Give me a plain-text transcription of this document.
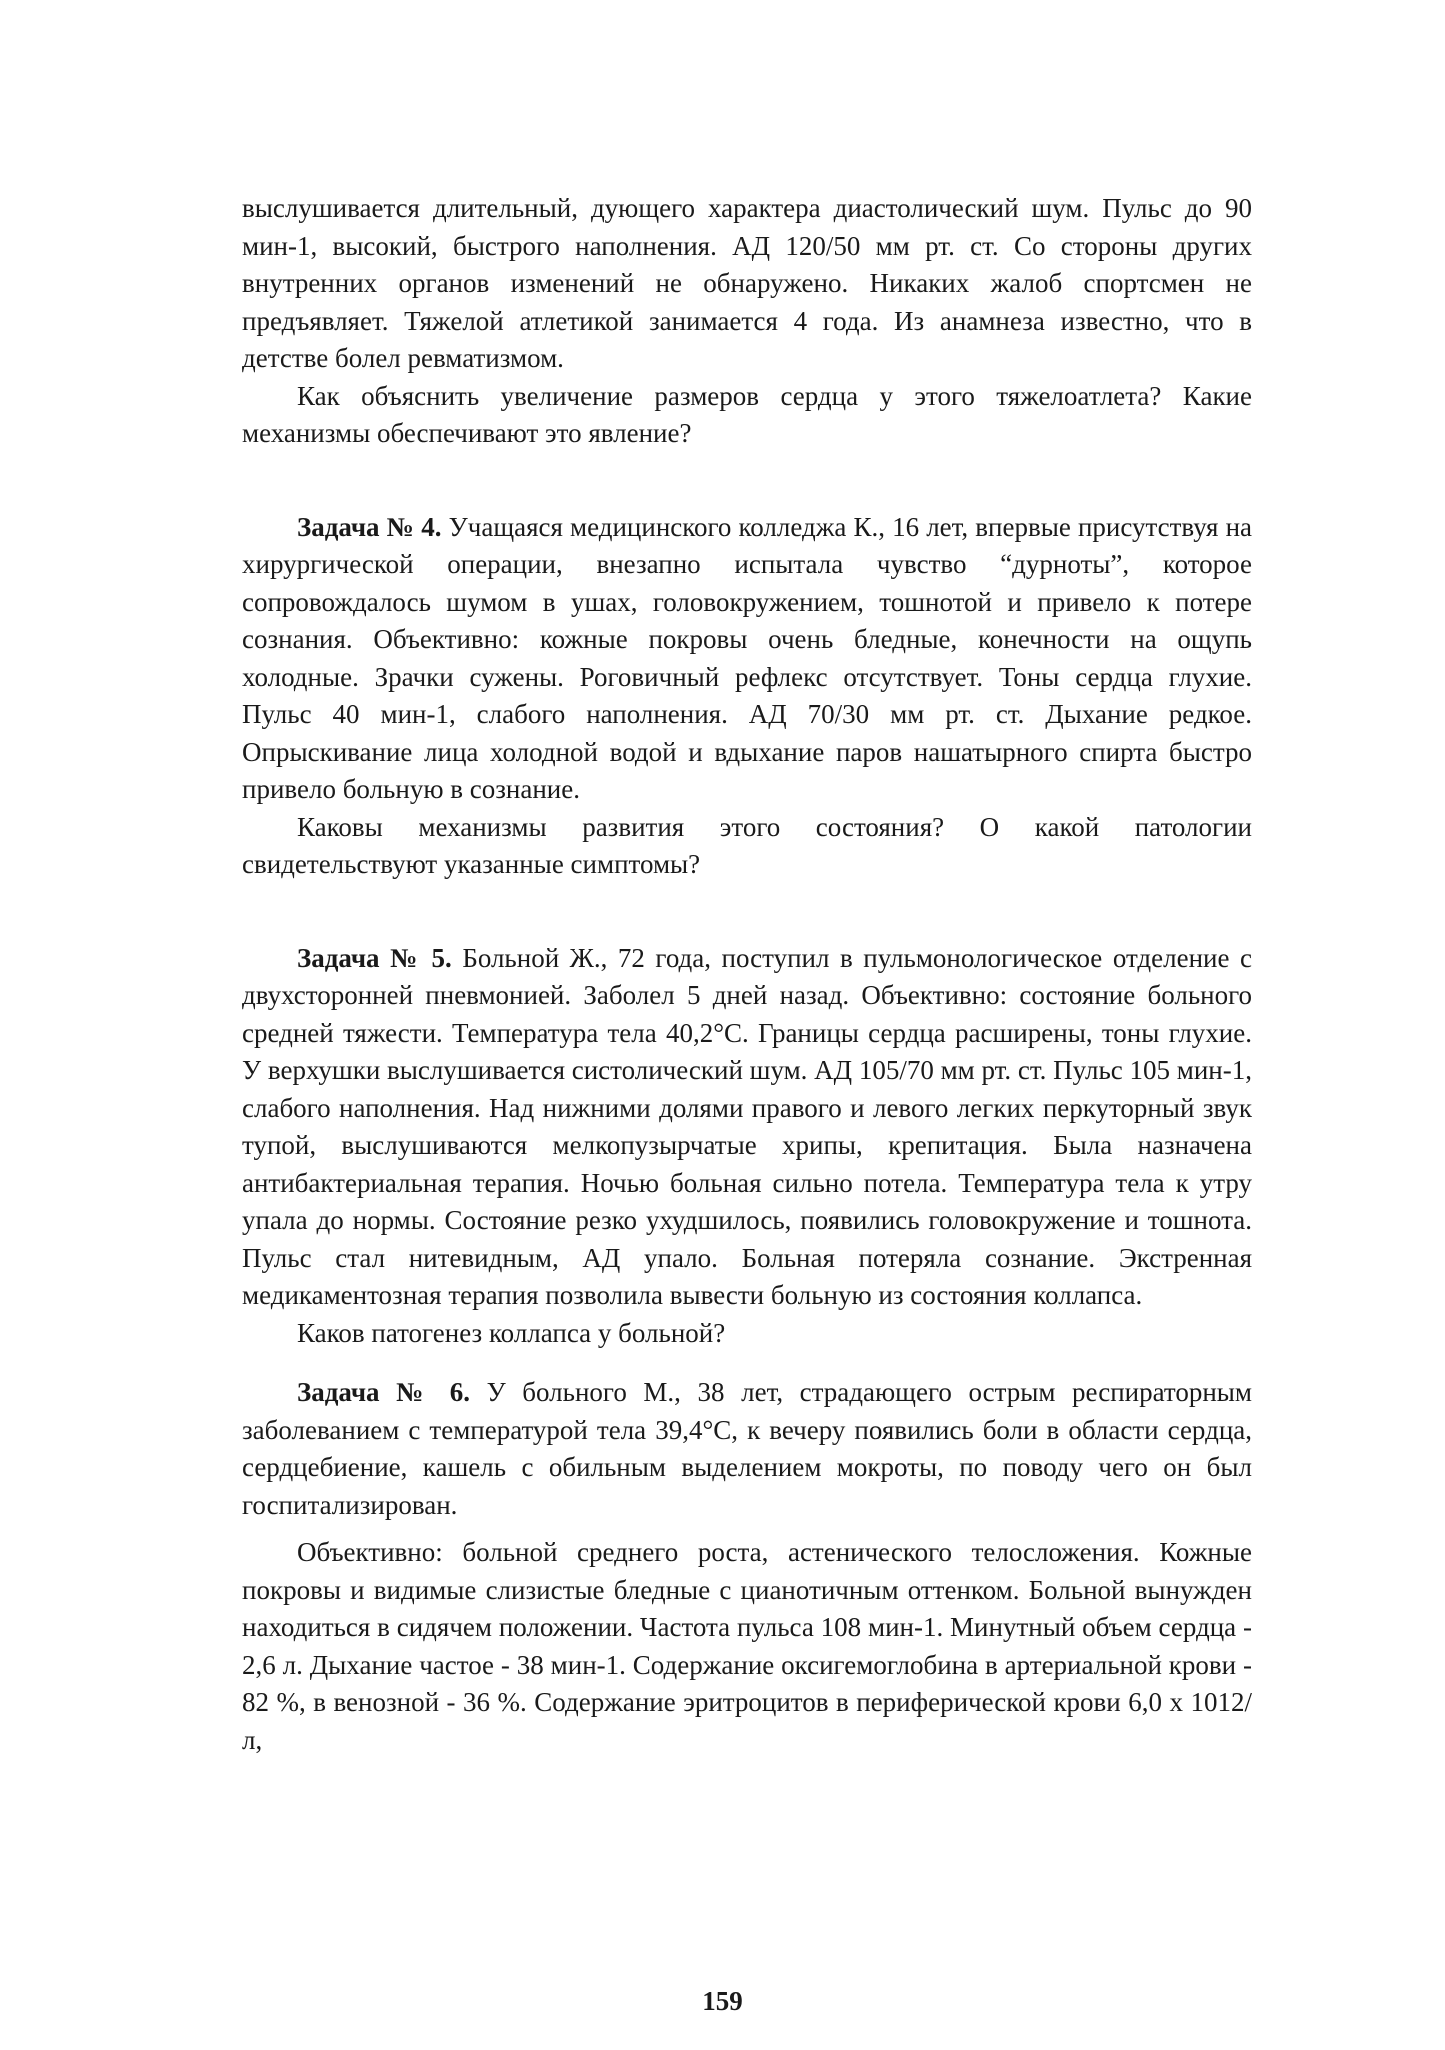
выслушивается длительный, дующего характера диастолический шум. Пульс до 90 мин-1, высокий, быстрого наполнения. АД 120/50 мм рт. ст. Со стороны других внутренних органов изменений не обнаружено. Никаких жалоб спортсмен не предъявляет. Тяжелой атлетикой занимается 4 года. Из анамнеза известно, что в детстве болел ревматизмом.

Как объяснить увеличение размеров сердца у этого тяжелоатлета? Какие механизмы обеспечивают это явление?

Задача № 4. Учащаяся медицинского колледжа К., 16 лет, впервые присутствуя на хирургической операции, внезапно испытала чувство “дурноты”, которое сопровождалось шумом в ушах, головокружением, тошнотой и привело к потере сознания. Объективно: кожные покровы очень бледные, конечности на ощупь холодные. Зрачки сужены. Роговичный рефлекс отсутствует. Тоны сердца глухие. Пульс 40 мин-1, слабого наполнения. АД 70/30 мм рт. ст. Дыхание редкое. Опрыскивание лица холодной водой и вдыхание паров нашатырного спирта быстро привело больную в сознание.

Каковы механизмы развития этого состояния? О какой патологии свидетельствуют указанные симптомы?

Задача № 5. Больной Ж., 72 года, поступил в пульмонологическое отделение с двухсторонней пневмонией. Заболел 5 дней назад. Объективно: состояние больного средней тяжести. Температура тела 40,2°С. Границы сердца расширены, тоны глухие. У верхушки выслушивается систолический шум. АД 105/70 мм рт. ст. Пульс 105 мин-1, слабого наполнения. Над нижними долями правого и левого легких перкуторный звук тупой, выслушиваются мелкопузырчатые хрипы, крепитация. Была назначена антибактериальная терапия. Ночью больная сильно потела. Температура тела к утру упала до нормы. Состояние резко ухудшилось, появились головокружение и тошнота. Пульс стал нитевидным, АД упало. Больная потеряла сознание. Экстренная медикаментозная терапия позволила вывести больную из состояния коллапса.

Каков патогенез коллапса у больной?

Задача № 6. У больного М., 38 лет, страдающего острым респираторным заболеванием с температурой тела 39,4°С, к вечеру появились боли в области сердца, сердцебиение, кашель с обильным выделением мокроты, по поводу чего он был госпитализирован.

Объективно: больной среднего роста, астенического телосложения. Кожные покровы и видимые слизистые бледные с цианотичным оттенком. Больной вынужден находиться в сидячем положении. Частота пульса 108 мин-1. Минутный объем сердца - 2,6 л. Дыхание частое - 38 мин-1. Содержание оксигемоглобина в артериальной крови - 82 %, в венозной - 36 %. Содержание эритроцитов в периферической крови 6,0 х 1012/л,

159
